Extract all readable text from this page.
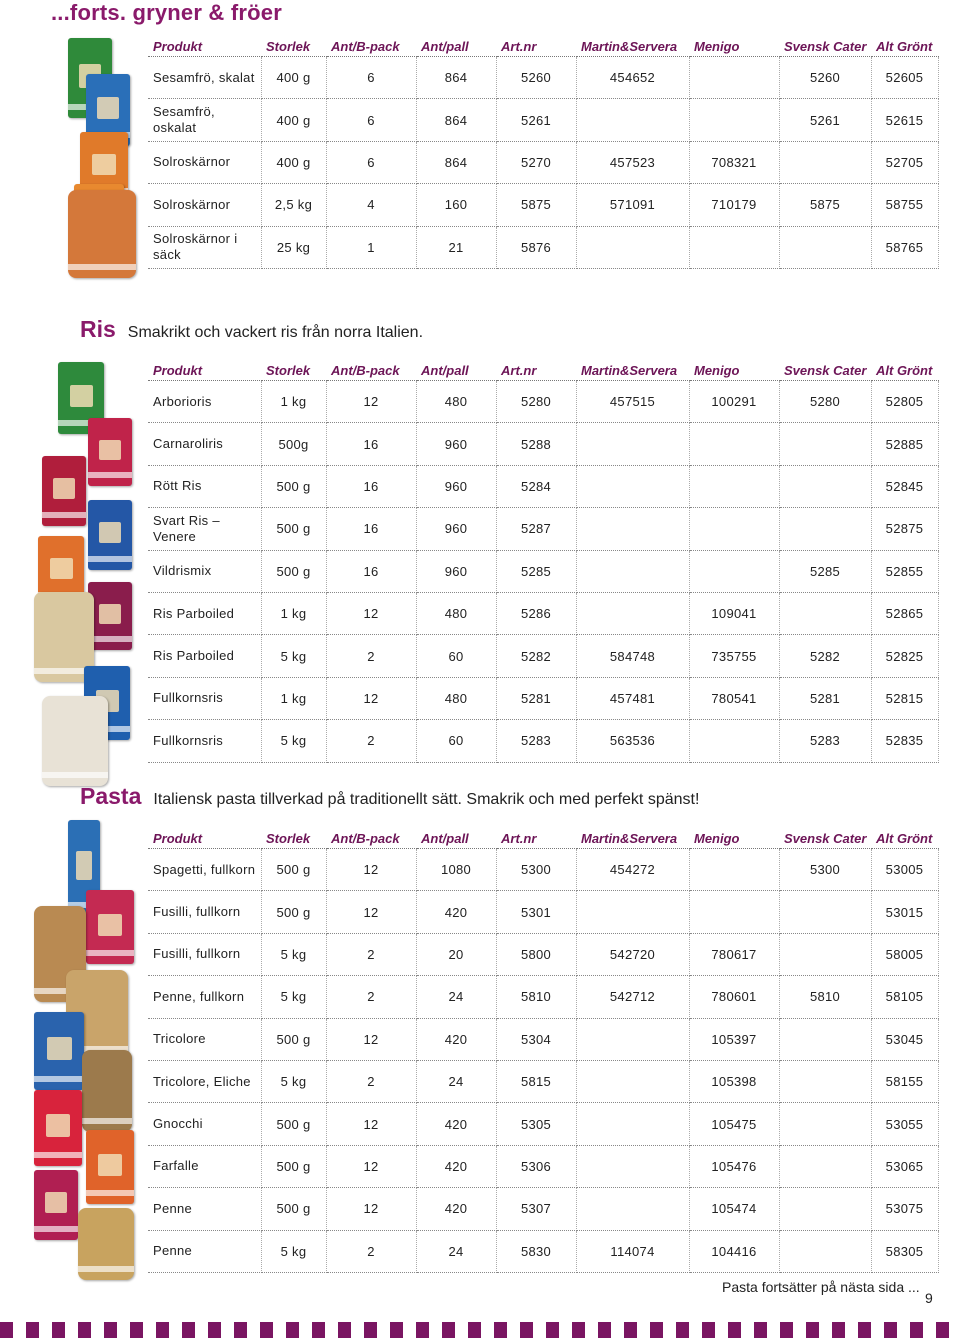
...forts. gryner & fröer
Produkt	Storlek	Ant/B-pack	Ant/pall	Art.nr	Martin&Servera	Menigo	Svensk Cater	Alt Grönt
Sesamfrö, skalat	400 g	6	864	5260	454652		5260	52605
Sesamfrö, oskalat	400 g	6	864	5261			5261	52615
Solroskärnor	400 g	6	864	5270	457523	708321		52705
Solroskärnor	2,5 kg	4	160	5875	571091	710179	5875	58755
Solroskärnor i säck	25 kg	1	21	5876				58765
Ris Smakrikt och vackert ris från norra Italien.
Produkt	Storlek	Ant/B-pack	Ant/pall	Art.nr	Martin&Servera	Menigo	Svensk Cater	Alt Grönt
Arborioris	1 kg	12	480	5280	457515	100291	5280	52805
Carnaroliris	500g	16	960	5288				52885
Rött Ris	500 g	16	960	5284				52845
Svart Ris – Venere	500 g	16	960	5287				52875
Vildrismix	500 g	16	960	5285			5285	52855
Ris Parboiled	1 kg	12	480	5286		109041		52865
Ris Parboiled	5 kg	2	60	5282	584748	735755	5282	52825
Fullkornsris	1 kg	12	480	5281	457481	780541	5281	52815
Fullkornsris	5 kg	2	60	5283	563536		5283	52835
Pasta Italiensk pasta tillverkad på traditionellt sätt. Smakrik och med perfekt spänst!
Produkt	Storlek	Ant/B-pack	Ant/pall	Art.nr	Martin&Servera	Menigo	Svensk Cater	Alt Grönt
Spagetti, fullkorn	500 g	12	1080	5300	454272		5300	53005
Fusilli, fullkorn	500 g	12	420	5301				53015
Fusilli, fullkorn	5 kg	2	20	5800	542720	780617		58005
Penne, fullkorn	5 kg	2	24	5810	542712	780601	5810	58105
Tricolore	500 g	12	420	5304		105397		53045
Tricolore, Eliche	5 kg	2	24	5815		105398		58155
Gnocchi	500 g	12	420	5305		105475		53055
Farfalle	500 g	12	420	5306		105476		53065
Penne	500 g	12	420	5307		105474		53075
Penne	5 kg	2	24	5830	114074	104416		58305
Pasta fortsätter på nästa sida ...
9
